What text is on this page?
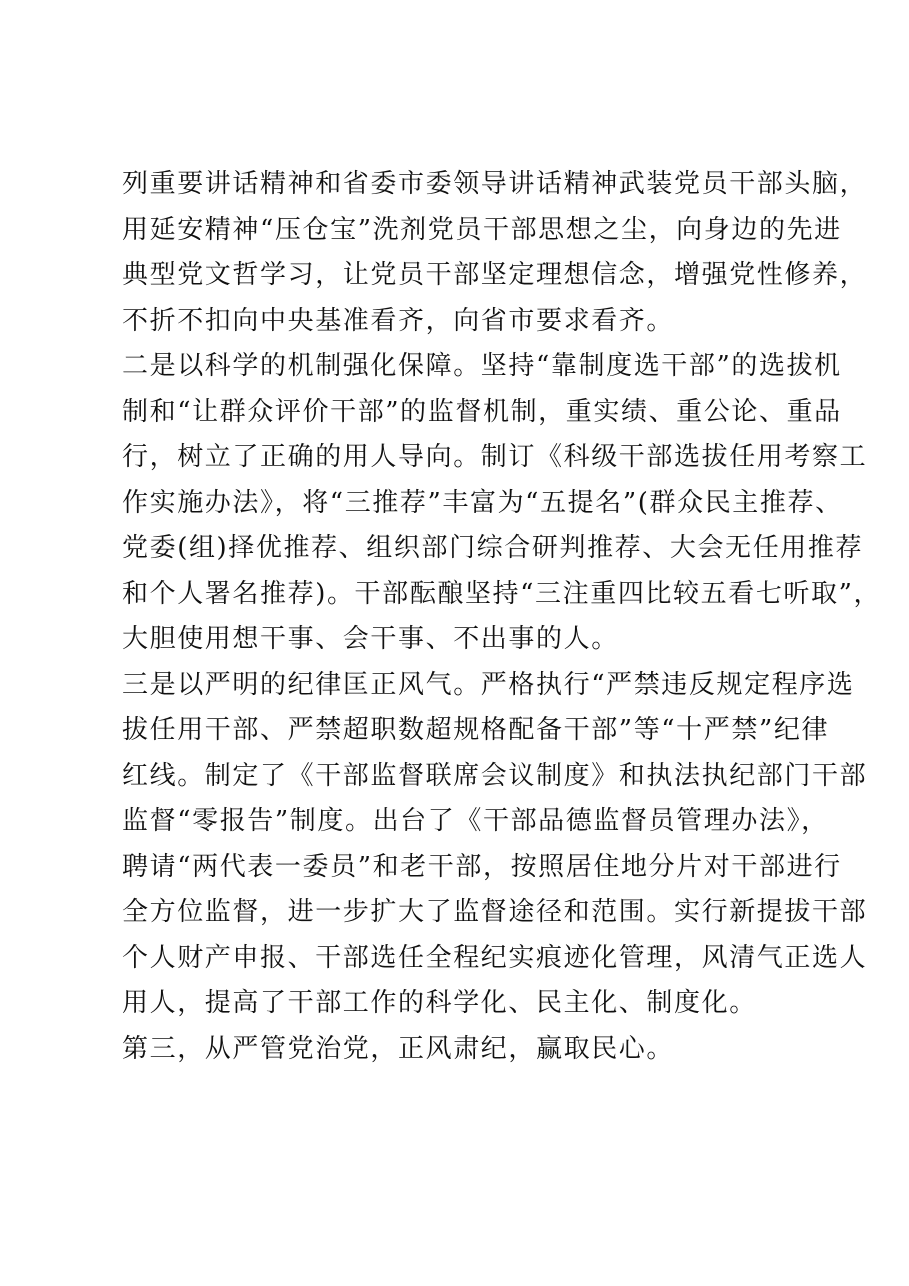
列重要讲话精神和省委市委领导讲话精神武装党员干部头脑，

用延安精神“压仓宝”洗剂党员干部思想之尘，向身边的先进

典型党文哲学习，让党员干部坚定理想信念，增强党性修养，

不折不扣向中央基准看齐，向省市要求看齐。

二是以科学的机制强化保障。坚持“靠制度选干部”的选拔机

制和“让群众评价干部”的监督机制，重实绩、重公论、重品

行，树立了正确的用人导向。制订《科级干部选拔任用考察工

作实施办法》，将“三推荐”丰富为“五提名”(群众民主推荐、

党委(组)择优推荐、组织部门综合研判推荐、大会无任用推荐

和个人署名推荐)。干部酝酿坚持“三注重四比较五看七听取”，

大胆使用想干事、会干事、不出事的人。

三是以严明的纪律匡正风气。严格执行“严禁违反规定程序选

拔任用干部、严禁超职数超规格配备干部”等“十严禁”纪律

红线。制定了《干部监督联席会议制度》和执法执纪部门干部

监督“零报告”制度。出台了《干部品德监督员管理办法》，

聘请“两代表一委员”和老干部，按照居住地分片对干部进行

全方位监督，进一步扩大了监督途径和范围。实行新提拔干部

个人财产申报、干部选任全程纪实痕迹化管理，风清气正选人

用人，提高了干部工作的科学化、民主化、制度化。

第三，从严管党治党，正风肃纪，赢取民心。
